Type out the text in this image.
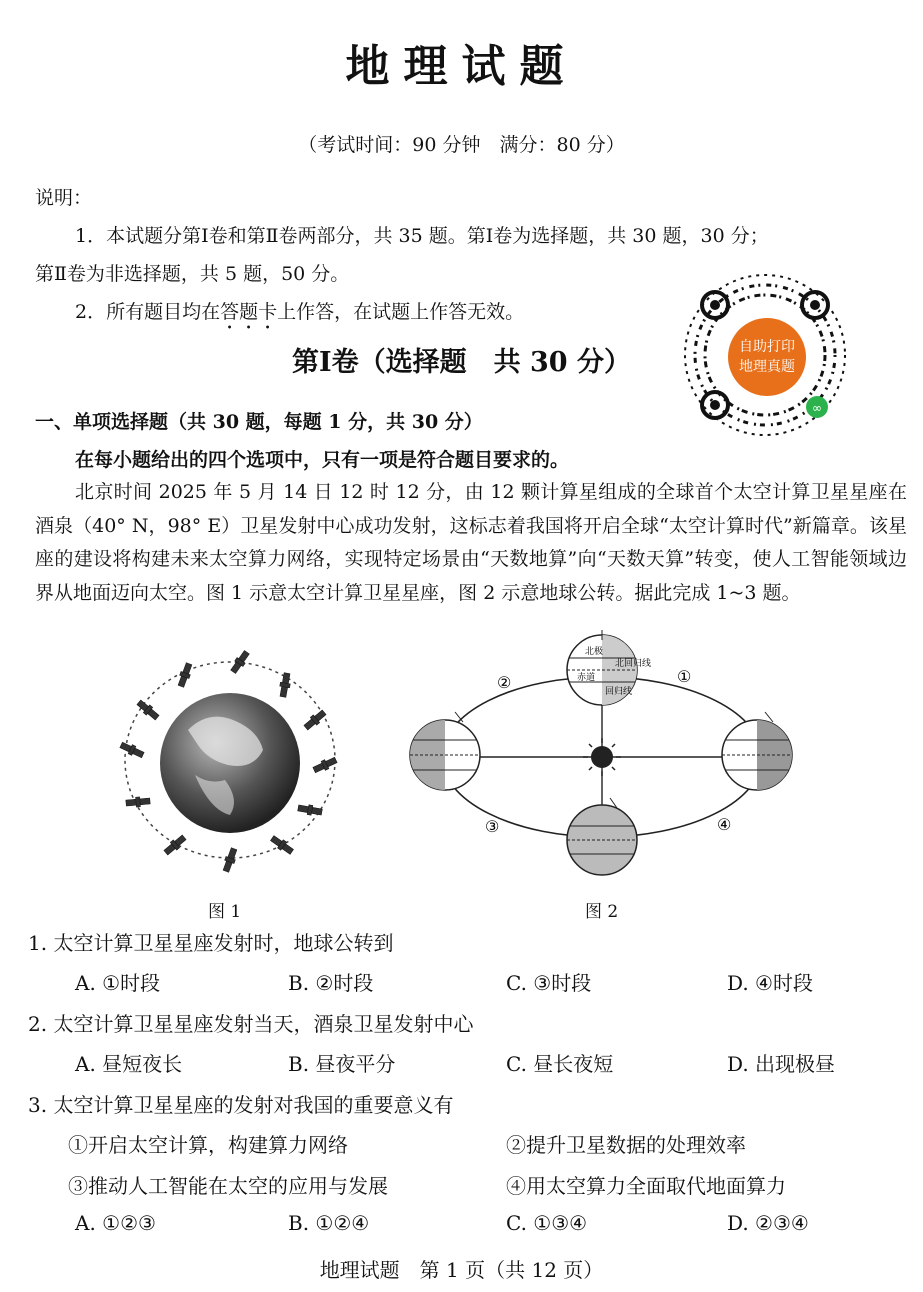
地理试题
（考试时间：90 分钟　满分：80 分）
说明：
1．本试题分第Ⅰ卷和第Ⅱ卷两部分，共 35 题。第Ⅰ卷为选择题，共 30 题，30 分；
第Ⅱ卷为非选择题，共 5 题，50 分。
2．所有题目均在答题卡上作答，在试题上作答无效。
∞
自助打印
地理真题
第Ⅰ卷（选择题　共 30 分）
一、单项选择题（共 30 题，每题 1 分，共 30 分）
在每小题给出的四个选项中，只有一项是符合题目要求的。
北京时间 2025 年 5 月 14 日 12 时 12 分，由 12 颗计算星组成的全球首个太空计算卫星星座在酒泉（40° N，98° E）卫星发射中心成功发射，这标志着我国将开启全球“太空计算时代”新篇章。该星座的建设将构建未来太空算力网络，实现特定场景由“天数地算”向“天数天算”转变，使人工智能领域边界从地面迈向太空。图 1 示意太空计算卫星星座，图 2 示意地球公转。据此完成 1~3 题。
图 1
北极
北回归线
赤道
回归线
②	①
③	④
图 2
1. 太空计算卫星星座发射时，地球公转到
A. ①时段	B. ②时段	C. ③时段	D. ④时段
2. 太空计算卫星星座发射当天，酒泉卫星发射中心
A. 昼短夜长	B. 昼夜平分	C. 昼长夜短	D. 出现极昼
3. 太空计算卫星星座的发射对我国的重要意义有
①开启太空计算，构建算力网络	②提升卫星数据的处理效率
③推动人工智能在太空的应用与发展	④用太空算力全面取代地面算力
A. ①②③	B. ①②④	C. ①③④	D. ②③④
地理试题　第 1 页（共 12 页）
